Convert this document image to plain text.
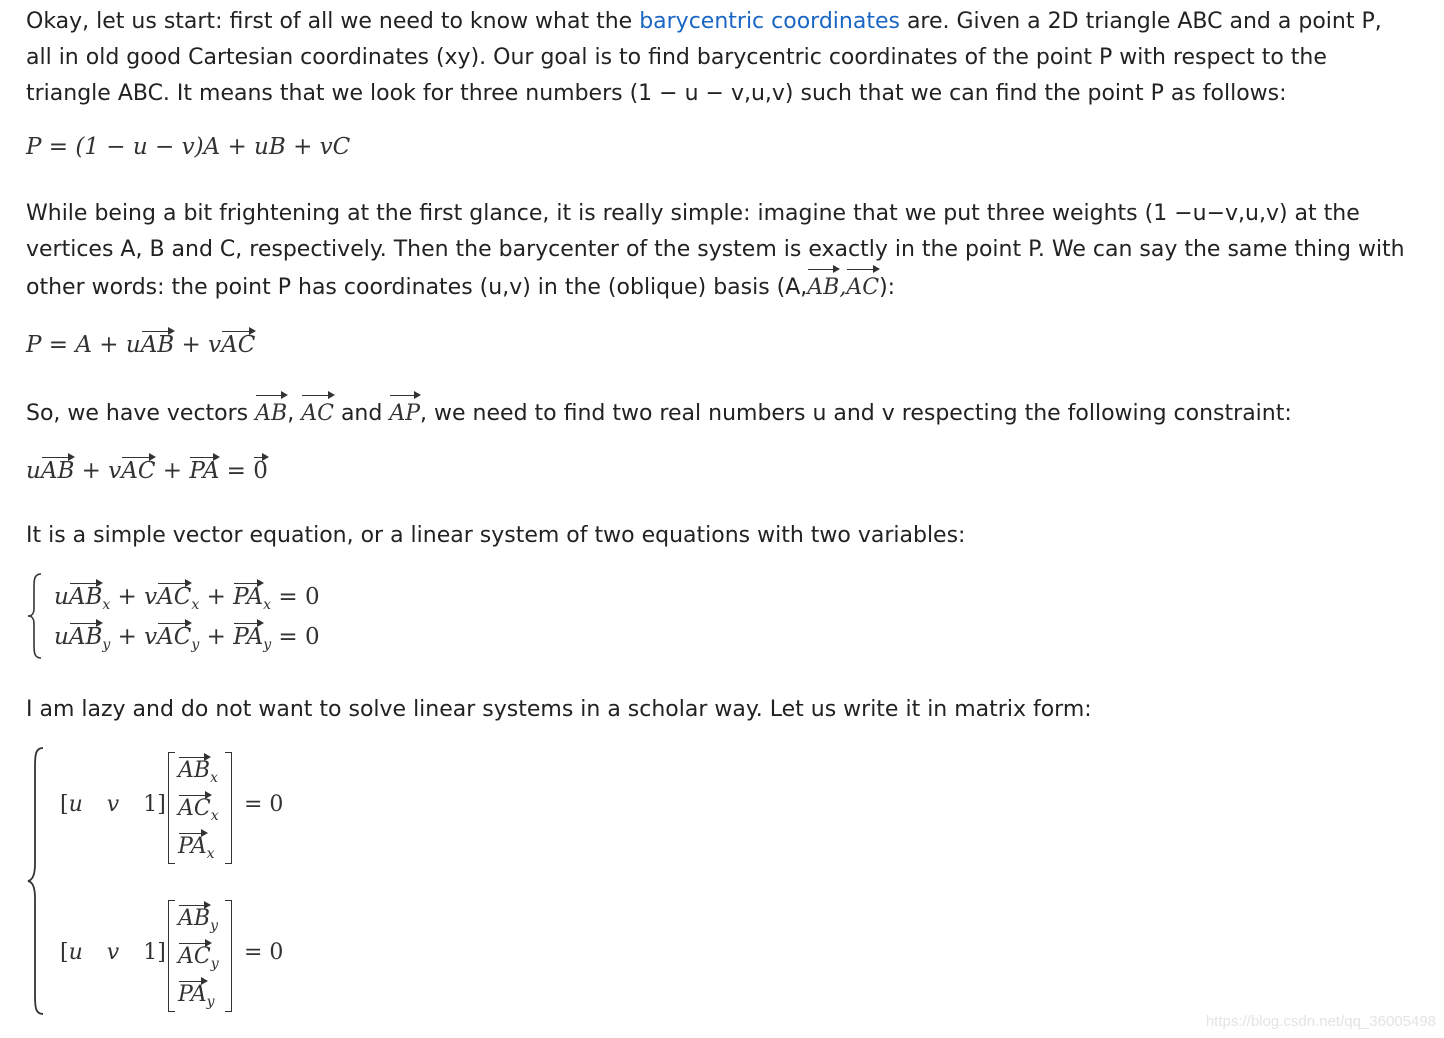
Okay, let us start: first of all we need to know what the barycentric coordinates are. Given a 2D triangle ABC and a point P, all in old good Cartesian coordinates (xy). Our goal is to find barycentric coordinates of the point P with respect to the triangle ABC. It means that we look for three numbers (1 − u − v,u,v) such that we can find the point P as follows:
P = (1 − u − v)A + uB + vC
While being a bit frightening at the first glance, it is really simple: imagine that we put three weights (1 −u−v,u,v) at the vertices A, B and C, respectively. Then the barycenter of the system is exactly in the point P. We can say the same thing with other words: the point P has coordinates (u,v) in the (oblique) basis (A,AB,AC):
P = A + uAB + vAC
So, we have vectors AB, AC and AP, we need to find two real numbers u and v respecting the following constraint:
uAB + vAC + PA = 0
It is a simple vector equation, or a linear system of two equations with two variables:
$uAB_x + vAC_x + PA_x = 0$
$uAB_y + vAC_y + PA_y = 0$
I am lazy and do not want to solve linear systems in a scholar way. Let us write it in matrix form:
[u v 1]
$AB_x$
$AC_x$
$PA_x$
= 0
[u v 1]
$AB_y$
$AC_y$
$PA_y$
= 0
https://blog.csdn.net/qq_36005498
